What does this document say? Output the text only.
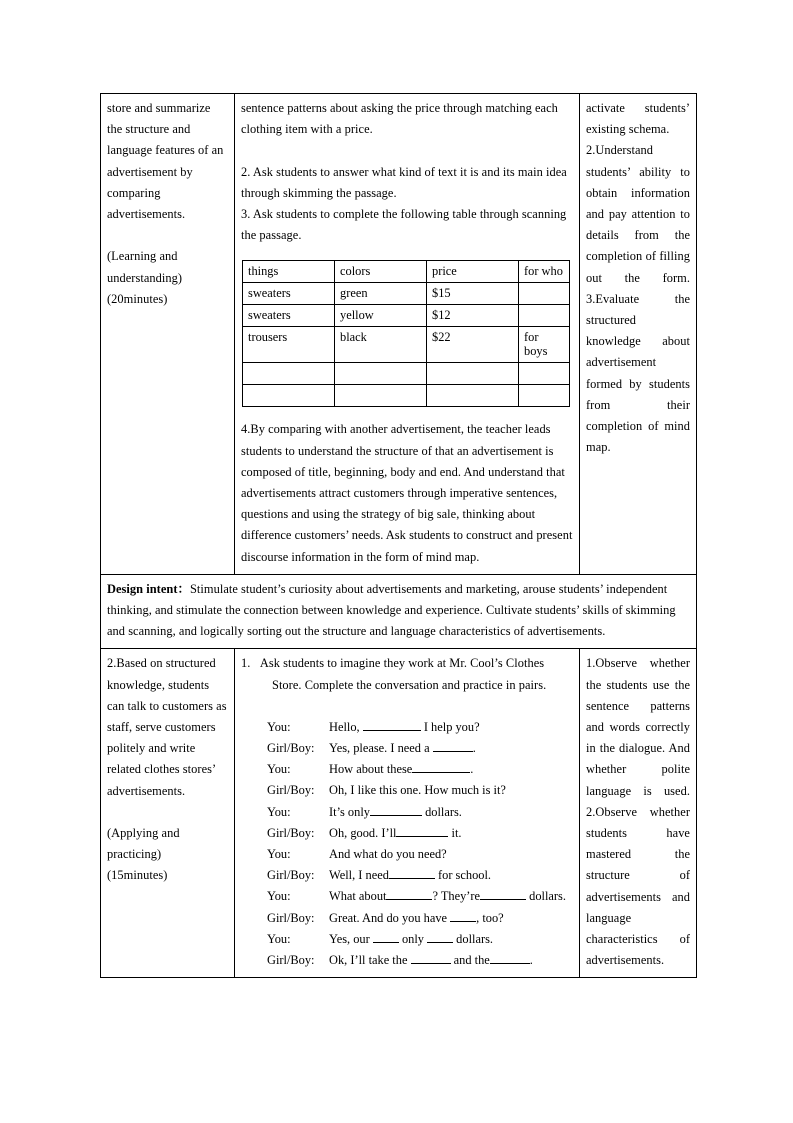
store and summarize the structure and language features of an advertisement by comparing advertisements.

(Learning and understanding)

(20minutes)

sentence patterns about asking the price through matching each clothing item with a price.

2. Ask students to answer what kind of text it is and its main idea through skimming the passage.

3. Ask students to complete the following table through scanning the passage.

things	colors	price	for who
sweaters	green	$15	
sweaters	yellow	$12	
trousers	black	$22	for boys

4.By comparing with another advertisement, the teacher leads students to understand the structure of that an advertisement is composed of title, beginning, body and end. And understand that advertisements attract customers through imperative sentences, questions and using the strategy of big sale, thinking about difference customers’ needs. Ask students to construct and present discourse information in the form of mind map.

activate students’ existing schema.

2.Understand students’ ability to obtain information and pay attention to details from the completion of filling out the form.

3.Evaluate the structured knowledge about advertisement formed by students from their completion of mind map.

Design intent：Stimulate student’s curiosity about advertisements and marketing, arouse students’ independent thinking, and stimulate the connection between knowledge and experience. Cultivate students’ skills of skimming and scanning, and logically sorting out the structure and language characteristics of advertisements.

2.Based on structured knowledge, students can talk to customers as staff, serve customers politely and write related clothes stores’ advertisements.

(Applying and practicing)

(15minutes)

1. Ask students to imagine they work at Mr. Cool’s Clothes Store. Complete the conversation and practice in pairs.

You:	Hello,	I help you?
Girl/Boy: Yes, please. I need a	.
You:	How about these	.
Girl/Boy: Oh, I like this one. How much is it?
You:	It’s only	dollars.
Girl/Boy: Oh, good. I’ll	it.
You:	And what do you need?
Girl/Boy: Well, I need	for school.
You:	What about	? They’re	dollars.
Girl/Boy: Great. And do you have , too?
You:	Yes, our  only  dollars.
Girl/Boy: Ok, I’ll take the	and the	.

1.Observe whether the students use the sentence patterns and words correctly in the dialogue. And whether polite language is used.

2.Observe whether students have mastered the structure of advertisements and language characteristics of advertisements.
